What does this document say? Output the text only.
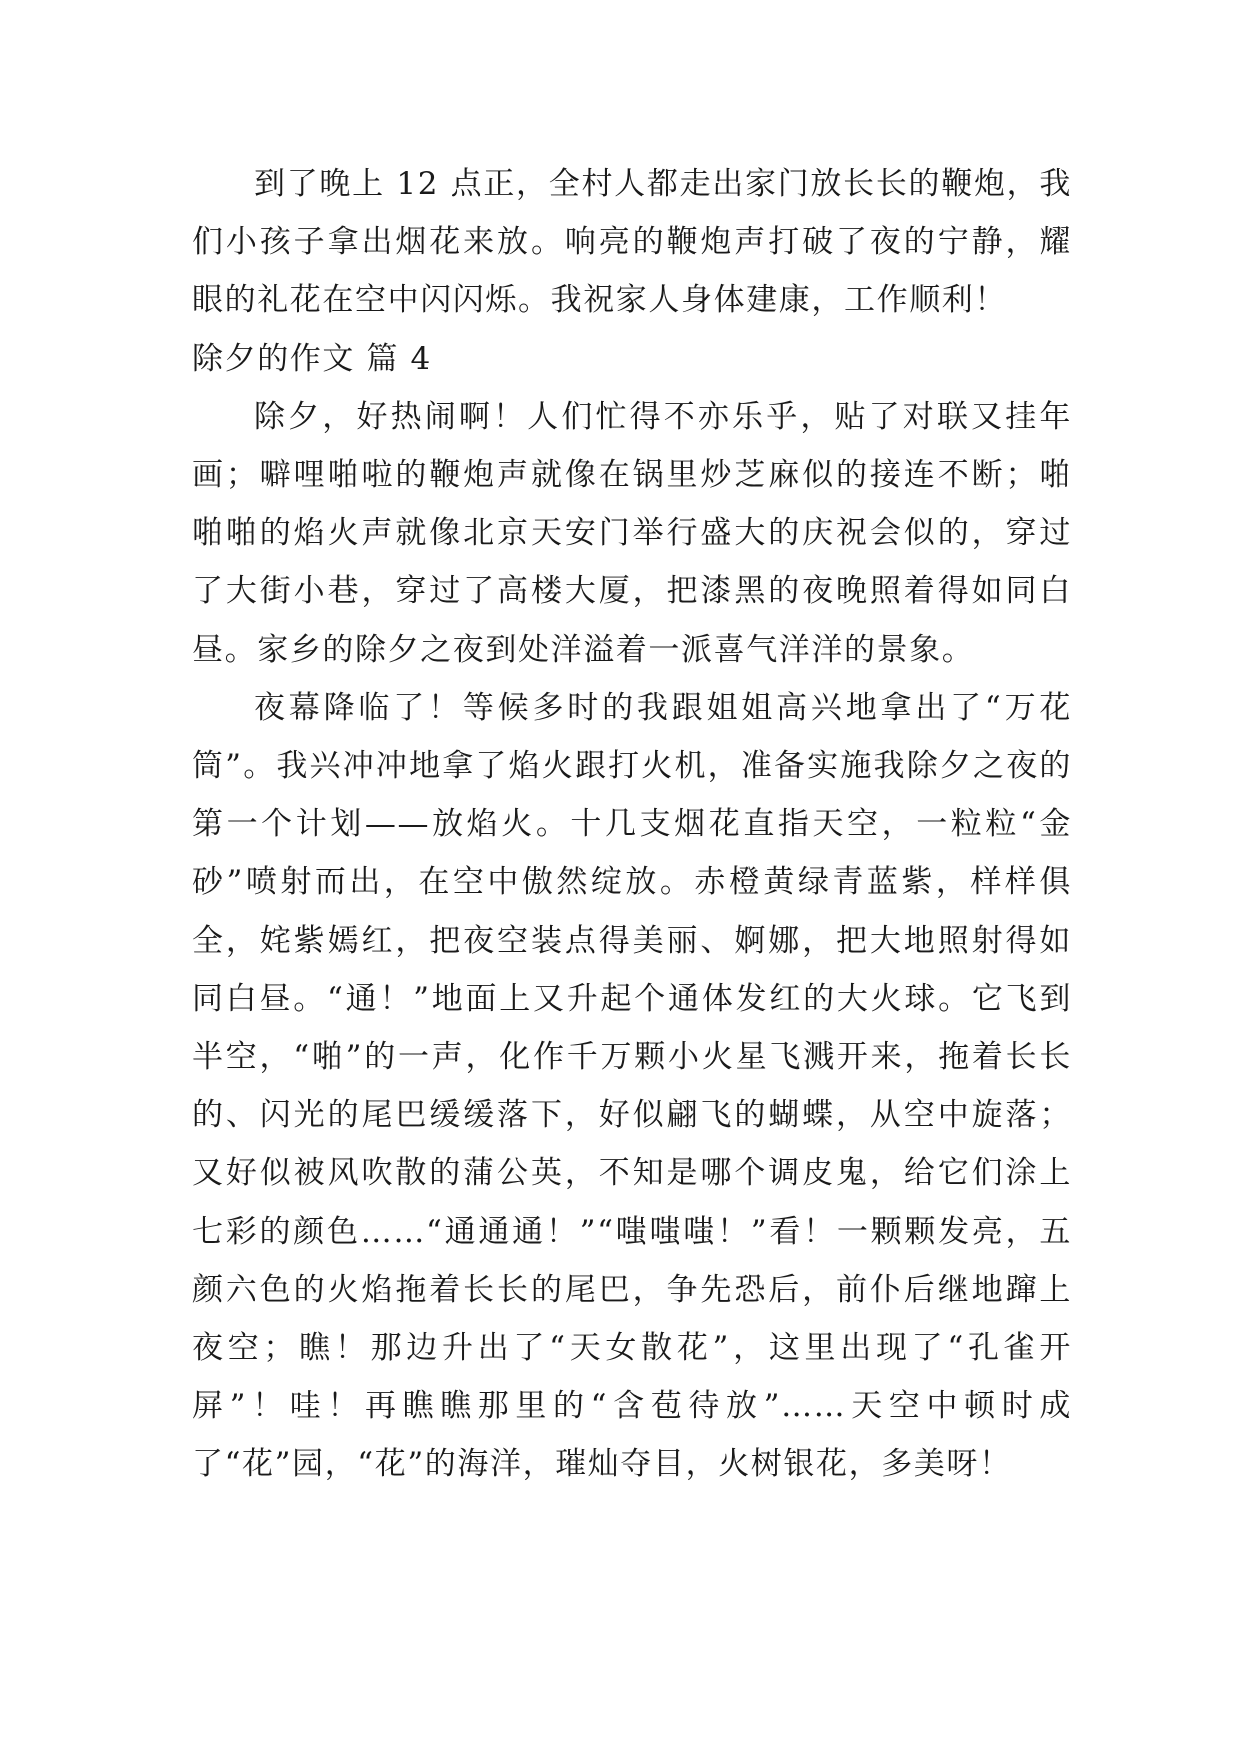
到了晚上 12 点正，全村人都走出家门放长长的鞭炮，我们小孩子拿出烟花来放。响亮的鞭炮声打破了夜的宁静，耀眼的礼花在空中闪闪烁。我祝家人身体建康，工作顺利！

除夕的作文 篇 4

除夕，好热闹啊！人们忙得不亦乐乎，贴了对联又挂年画；噼哩啪啦的鞭炮声就像在锅里炒芝麻似的接连不断；啪啪啪的焰火声就像北京天安门举行盛大的庆祝会似的，穿过了大街小巷，穿过了高楼大厦，把漆黑的夜晚照着得如同白昼。家乡的除夕之夜到处洋溢着一派喜气洋洋的景象。

夜幕降临了！等候多时的我跟姐姐高兴地拿出了“万花筒”。我兴冲冲地拿了焰火跟打火机，准备实施我除夕之夜的第一个计划——放焰火。十几支烟花直指天空，一粒粒“金砂”喷射而出，在空中傲然绽放。赤橙黄绿青蓝紫，样样俱全，姹紫嫣红，把夜空装点得美丽、婀娜，把大地照射得如同白昼。“通！”地面上又升起个通体发红的大火球。它飞到半空，“啪”的一声，化作千万颗小火星飞溅开来，拖着长长的、闪光的尾巴缓缓落下，好似翩飞的蝴蝶，从空中旋落；又好似被风吹散的蒲公英，不知是哪个调皮鬼，给它们涂上七彩的颜色……“通通通！”“嗤嗤嗤！”看！一颗颗发亮，五颜六色的火焰拖着长长的尾巴，争先恐后，前仆后继地蹿上夜空；瞧！那边升出了“天女散花”，这里出现了“孔雀开屏”！哇！再瞧瞧那里的“含苞待放”……天空中顿时成了“花”园，“花”的海洋，璀灿夺目，火树银花，多美呀！
